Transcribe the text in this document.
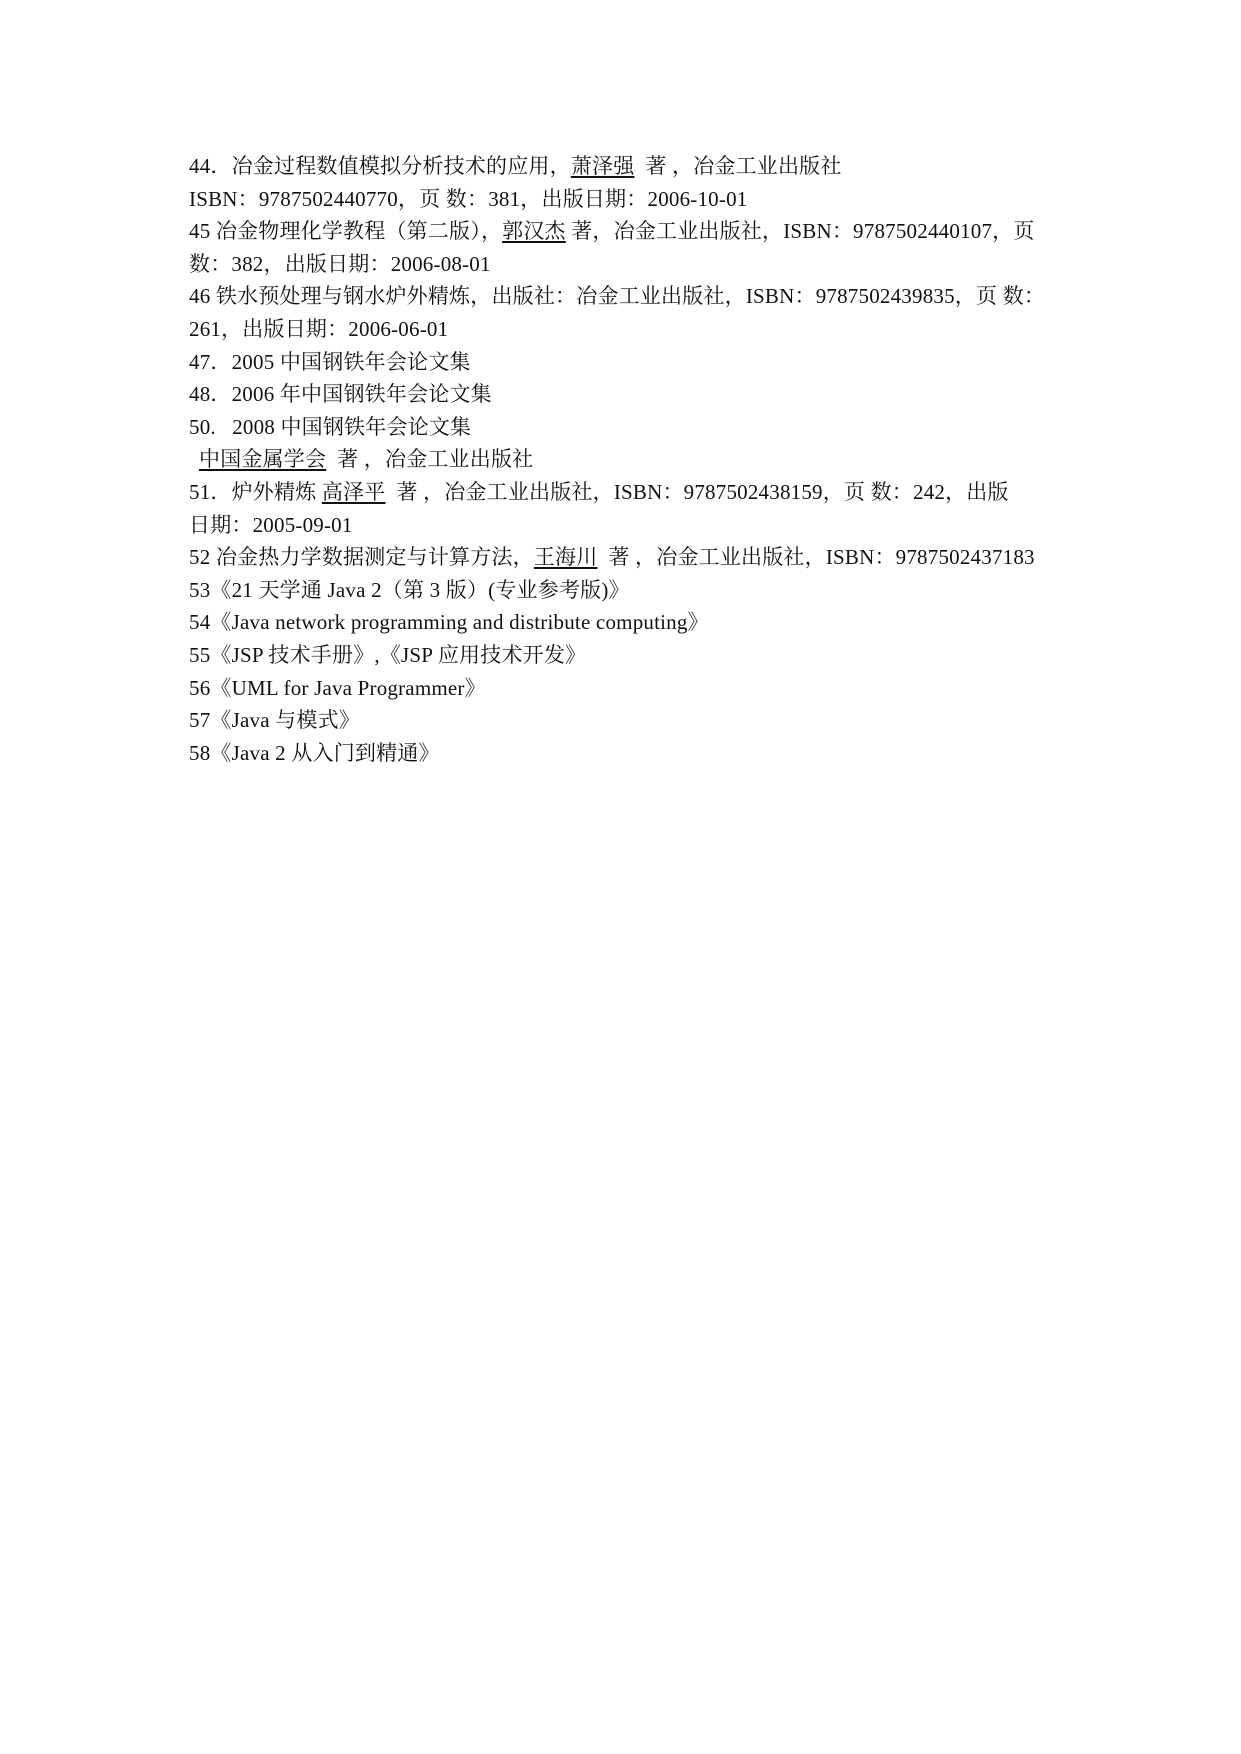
44．冶金过程数值模拟分析技术的应用，萧泽强  著 ，冶金工业出版社
ISBN：9787502440770，页 数：381，出版日期：2006-10-01
45 冶金物理化学教程（第二版），郭汉杰 著，冶金工业出版社，ISBN：9787502440107，页
数：382，出版日期：2006-08-01
46 铁水预处理与钢水炉外精炼，出版社：冶金工业出版社，ISBN：9787502439835，页 数：
261，出版日期：2006-06-01
47．2005 中国钢铁年会论文集
48．2006 年中国钢铁年会论文集
50.   2008 中国钢铁年会论文集
中国金属学会  著 ，冶金工业出版社
51．炉外精炼 高泽平  著 ，冶金工业出版社，ISBN：9787502438159，页 数：242，出版
日期：2005-09-01
52 冶金热力学数据测定与计算方法，王海川  著 ，冶金工业出版社，ISBN：9787502437183
53《21 天学通 Java 2（第 3 版）(专业参考版)》
54《Java network programming and distribute computing》
55《JSP 技术手册》,《JSP 应用技术开发》
56《UML for Java Programmer》
57《Java 与模式》
58《Java 2 从入门到精通》
